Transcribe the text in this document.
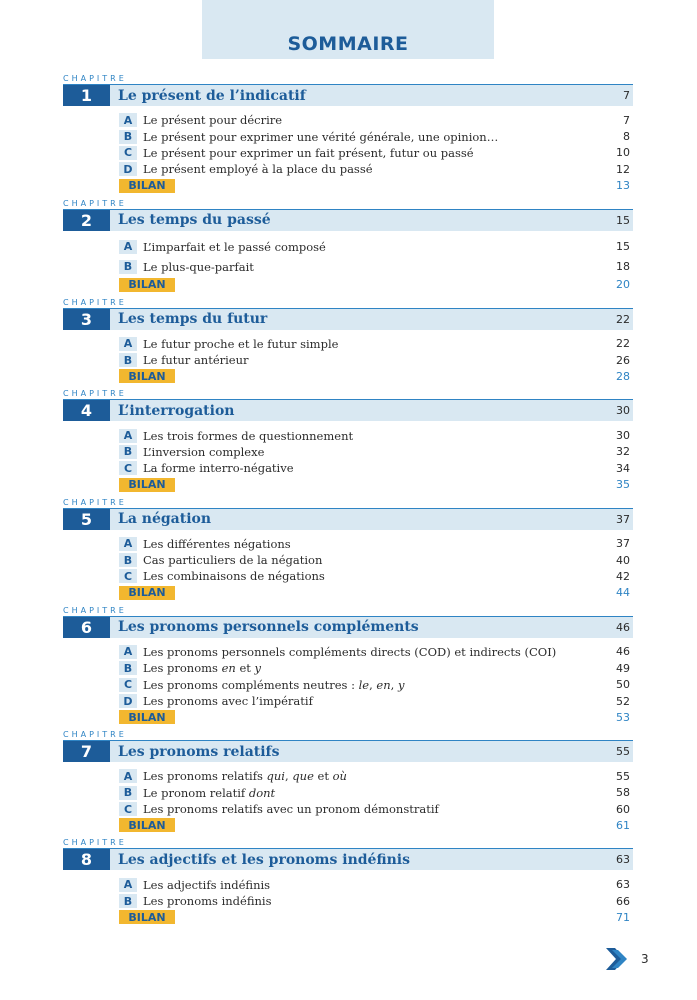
SOMMAIRE
CHAPITRE
1	Le présent de l’indicatif	7
A Le présent pour décrire	7
B Le présent pour exprimer une vérité générale, une opinion…	8
C Le présent pour exprimer un fait présent, futur ou passé	10
D Le présent employé à la place du passé	12
BILAN	13
CHAPITRE
2	Les temps du passé	15
A L’imparfait et le passé composé	15
B Le plus-que-parfait	18
BILAN	20
CHAPITRE
3	Les temps du futur	22
A Le futur proche et le futur simple	22
B Le futur antérieur	26
BILAN	28
CHAPITRE
4	L’interrogation	30
A Les trois formes de questionnement	30
B L’inversion complexe	32
C La forme interro-négative	34
BILAN	35
CHAPITRE
5	La négation	37
A Les différentes négations	37
B Cas particuliers de la négation	40
C Les combinaisons de négations	42
BILAN	44
CHAPITRE
6	Les pronoms personnels compléments	46
A Les pronoms personnels compléments directs (COD) et indirects (COI)	46
B Les pronoms en et y	49
C Les pronoms compléments neutres : le, en, y	50
D Les pronoms avec l’impératif	52
BILAN	53
CHAPITRE
7	Les pronoms relatifs	55
A Les pronoms relatifs qui, que et où	55
B Le pronom relatif dont	58
C Les pronoms relatifs avec un pronom démonstratif	60
BILAN	61
CHAPITRE
8	Les adjectifs et les pronoms indéfinis	63
A Les adjectifs indéfinis	63
B Les pronoms indéfinis	66
BILAN	71
3
